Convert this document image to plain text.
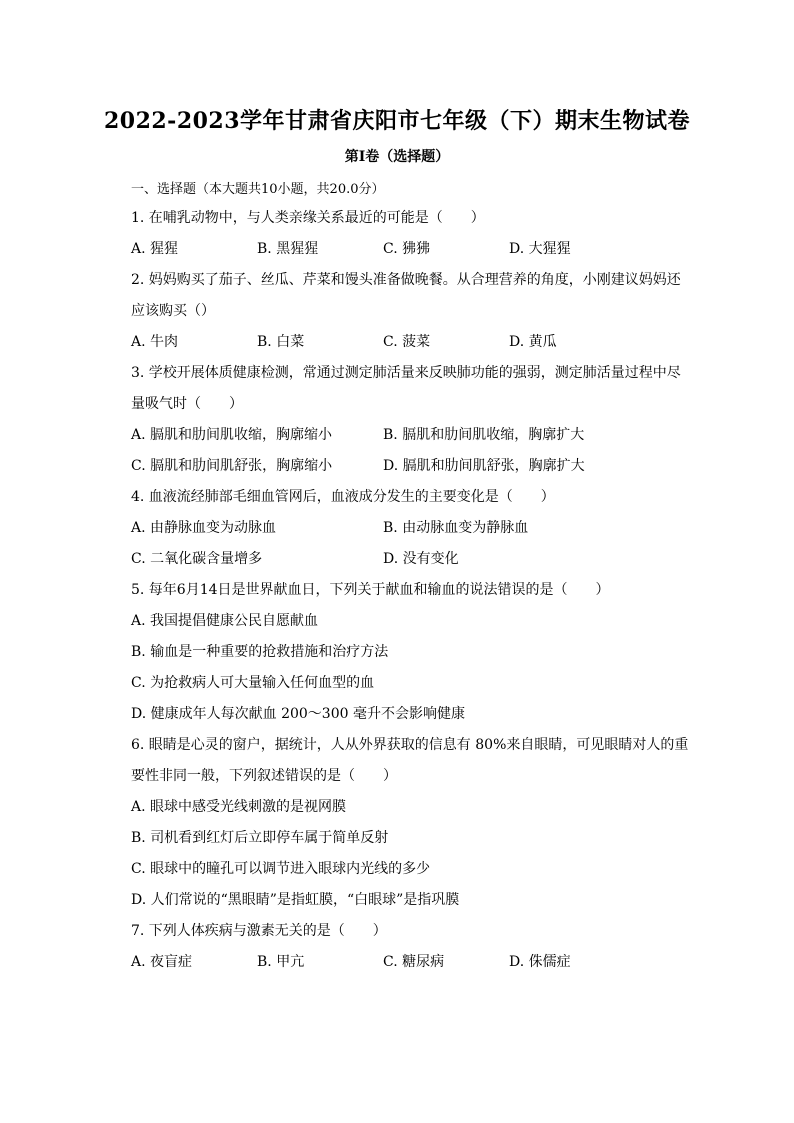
2022-2023学年甘肃省庆阳市七年级（下）期末生物试卷
第I卷（选择题）
一、选择题（本大题共10小题，共20.0分）
1. 在哺乳动物中，与人类亲缘关系最近的可能是（　　）
A. 猩猩	B. 黑猩猩	C. 狒狒	D. 大猩猩
2. 妈妈购买了茄子、丝瓜、芹菜和馒头准备做晚餐。从合理营养的角度，小刚建议妈妈还
应该购买（）
A. 牛肉	B. 白菜	C. 菠菜	D. 黄瓜
3. 学校开展体质健康检测，常通过测定肺活量来反映肺功能的强弱，测定肺活量过程中尽
量吸气时（　　）
A. 膈肌和肋间肌收缩，胸廓缩小	B. 膈肌和肋间肌收缩，胸廓扩大
C. 膈肌和肋间肌舒张，胸廓缩小	D. 膈肌和肋间肌舒张，胸廓扩大
4. 血液流经肺部毛细血管网后，血液成分发生的主要变化是（　　）
A. 由静脉血变为动脉血	B. 由动脉血变为静脉血
C. 二氧化碳含量增多	D. 没有变化
5. 每年6月14日是世界献血日，下列关于献血和输血的说法错误的是（　　）
A. 我国提倡健康公民自愿献血
B. 输血是一种重要的抢救措施和治疗方法
C. 为抢救病人可大量输入任何血型的血
D. 健康成年人每次献血 200～300 毫升不会影响健康
6. 眼睛是心灵的窗户，据统计，人从外界获取的信息有 80%来自眼睛，可见眼睛对人的重
要性非同一般，下列叙述错误的是（　　）
A. 眼球中感受光线刺激的是视网膜
B. 司机看到红灯后立即停车属于简单反射
C. 眼球中的瞳孔可以调节进入眼球内光线的多少
D. 人们常说的“黑眼睛”是指虹膜，“白眼球”是指巩膜
7. 下列人体疾病与激素无关的是（　　）
A. 夜盲症	B. 甲亢	C. 糖尿病	D. 侏儒症
